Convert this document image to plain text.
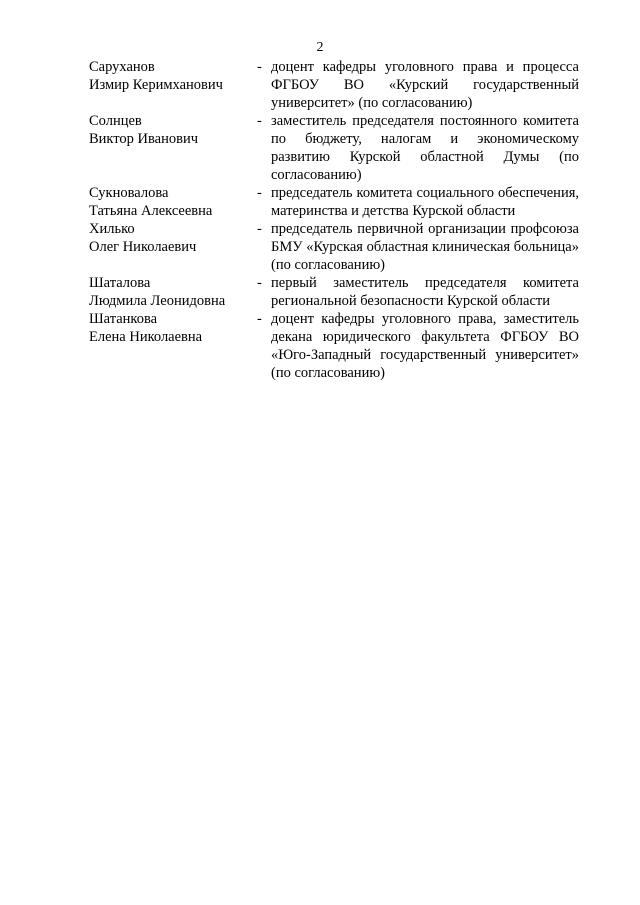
2
Саруханов
Измир Керимханович
- доцент кафедры уголовного права и процесса ФГБОУ ВО «Курский государственный университет» (по согласованию)
Солнцев
Виктор Иванович
- заместитель председателя постоянного комитета по бюджету, налогам и экономическому развитию Курской областной Думы (по согласованию)
Сукновалова
Татьяна Алексеевна
- председатель комитета социального обеспечения, материнства и детства Курской области
Хилько
Олег Николаевич
- председатель первичной организации профсоюза БМУ «Курская областная клиническая больница» (по согласованию)
Шаталова
Людмила Леонидовна
- первый заместитель председателя комитета региональной безопасности Курской области
Шатанкова
Елена Николаевна
- доцент кафедры уголовного права, заместитель декана юридического факультета ФГБОУ ВО «Юго-Западный государственный университет» (по согласованию)
